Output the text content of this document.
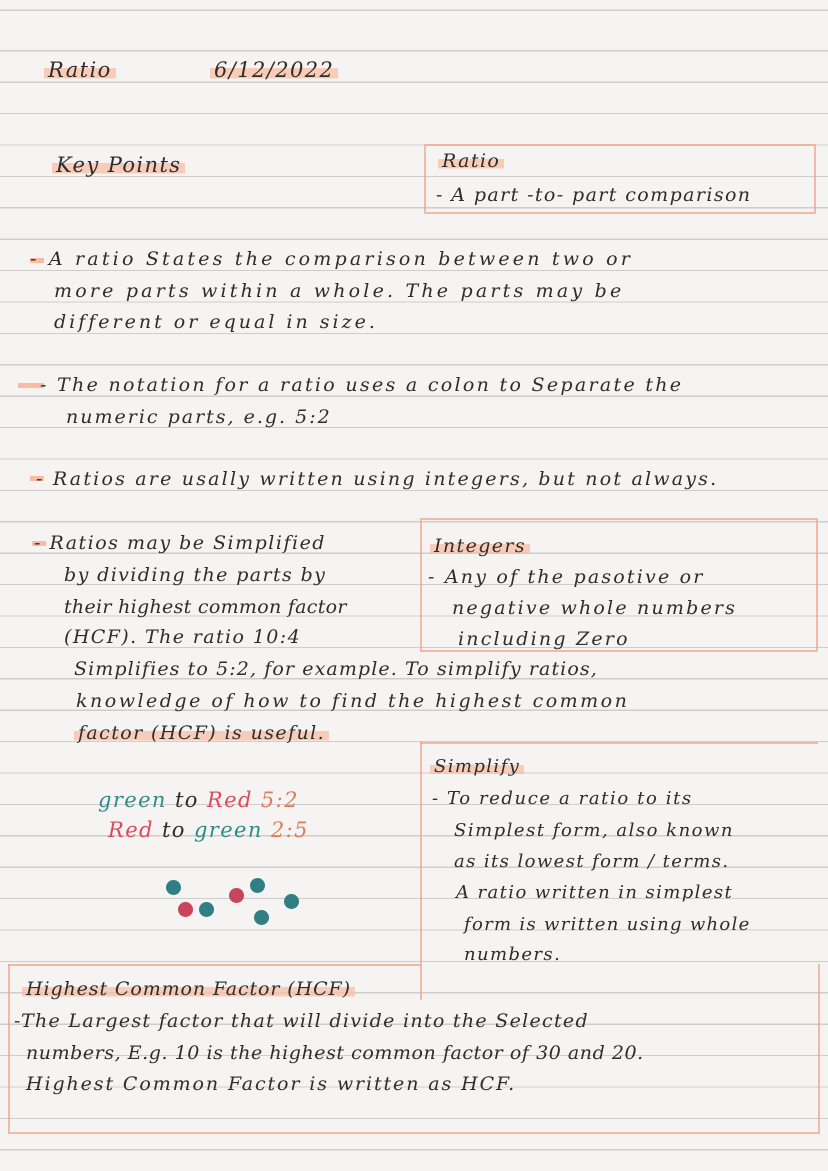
Ratio	6/12/2022
Key Points	Ratio
- A part -to- part comparison
- A ratio States the comparison between two or
more parts within a whole. The parts may be
different or equal in size.
- The notation for a ratio uses a colon to Separate the
numeric parts, e.g. 5:2
- Ratios are usally written using integers, but not always.
Integers
- Any of the pasotive or
negative whole numbers
including Zero
- Ratios may be Simplified
by dividing the parts by
their highest common factor
(HCF). The ratio 10:4
Simplifies to 5:2, for example. To simplify ratios,
knowledge of how to find the highest common
factor (HCF) is useful.
Simplify
- To reduce a ratio to its
Simplest form, also known
as its lowest form / terms.
A ratio written in simplest
form is written using whole
numbers.
green to Red 5:2
Red to green 2:5
Highest Common Factor (HCF)
-The Largest factor that will divide into the Selected
numbers, E.g. 10 is the highest common factor of 30 and 20.
Highest Common Factor is written as HCF.
